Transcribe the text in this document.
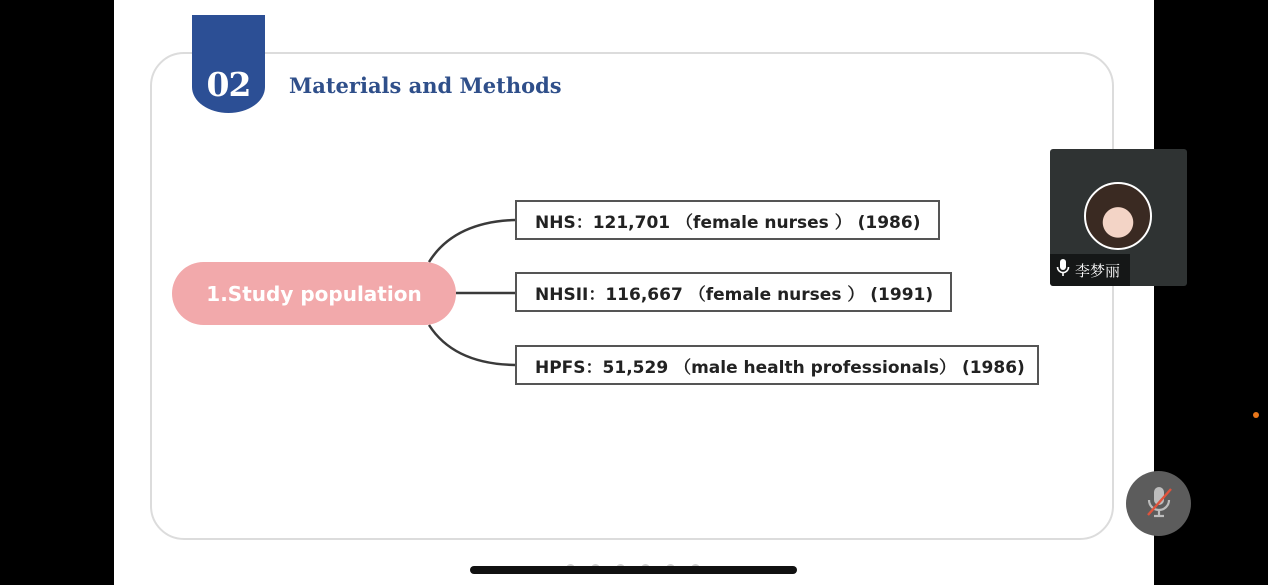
02	Materials and Methods
1.Study population
NHS：121,701 （female nurses ） (1986)
NHSII：116,667 （female nurses ） (1991)
HPFS：51,529 （male health professionals） (1986)
李梦丽
